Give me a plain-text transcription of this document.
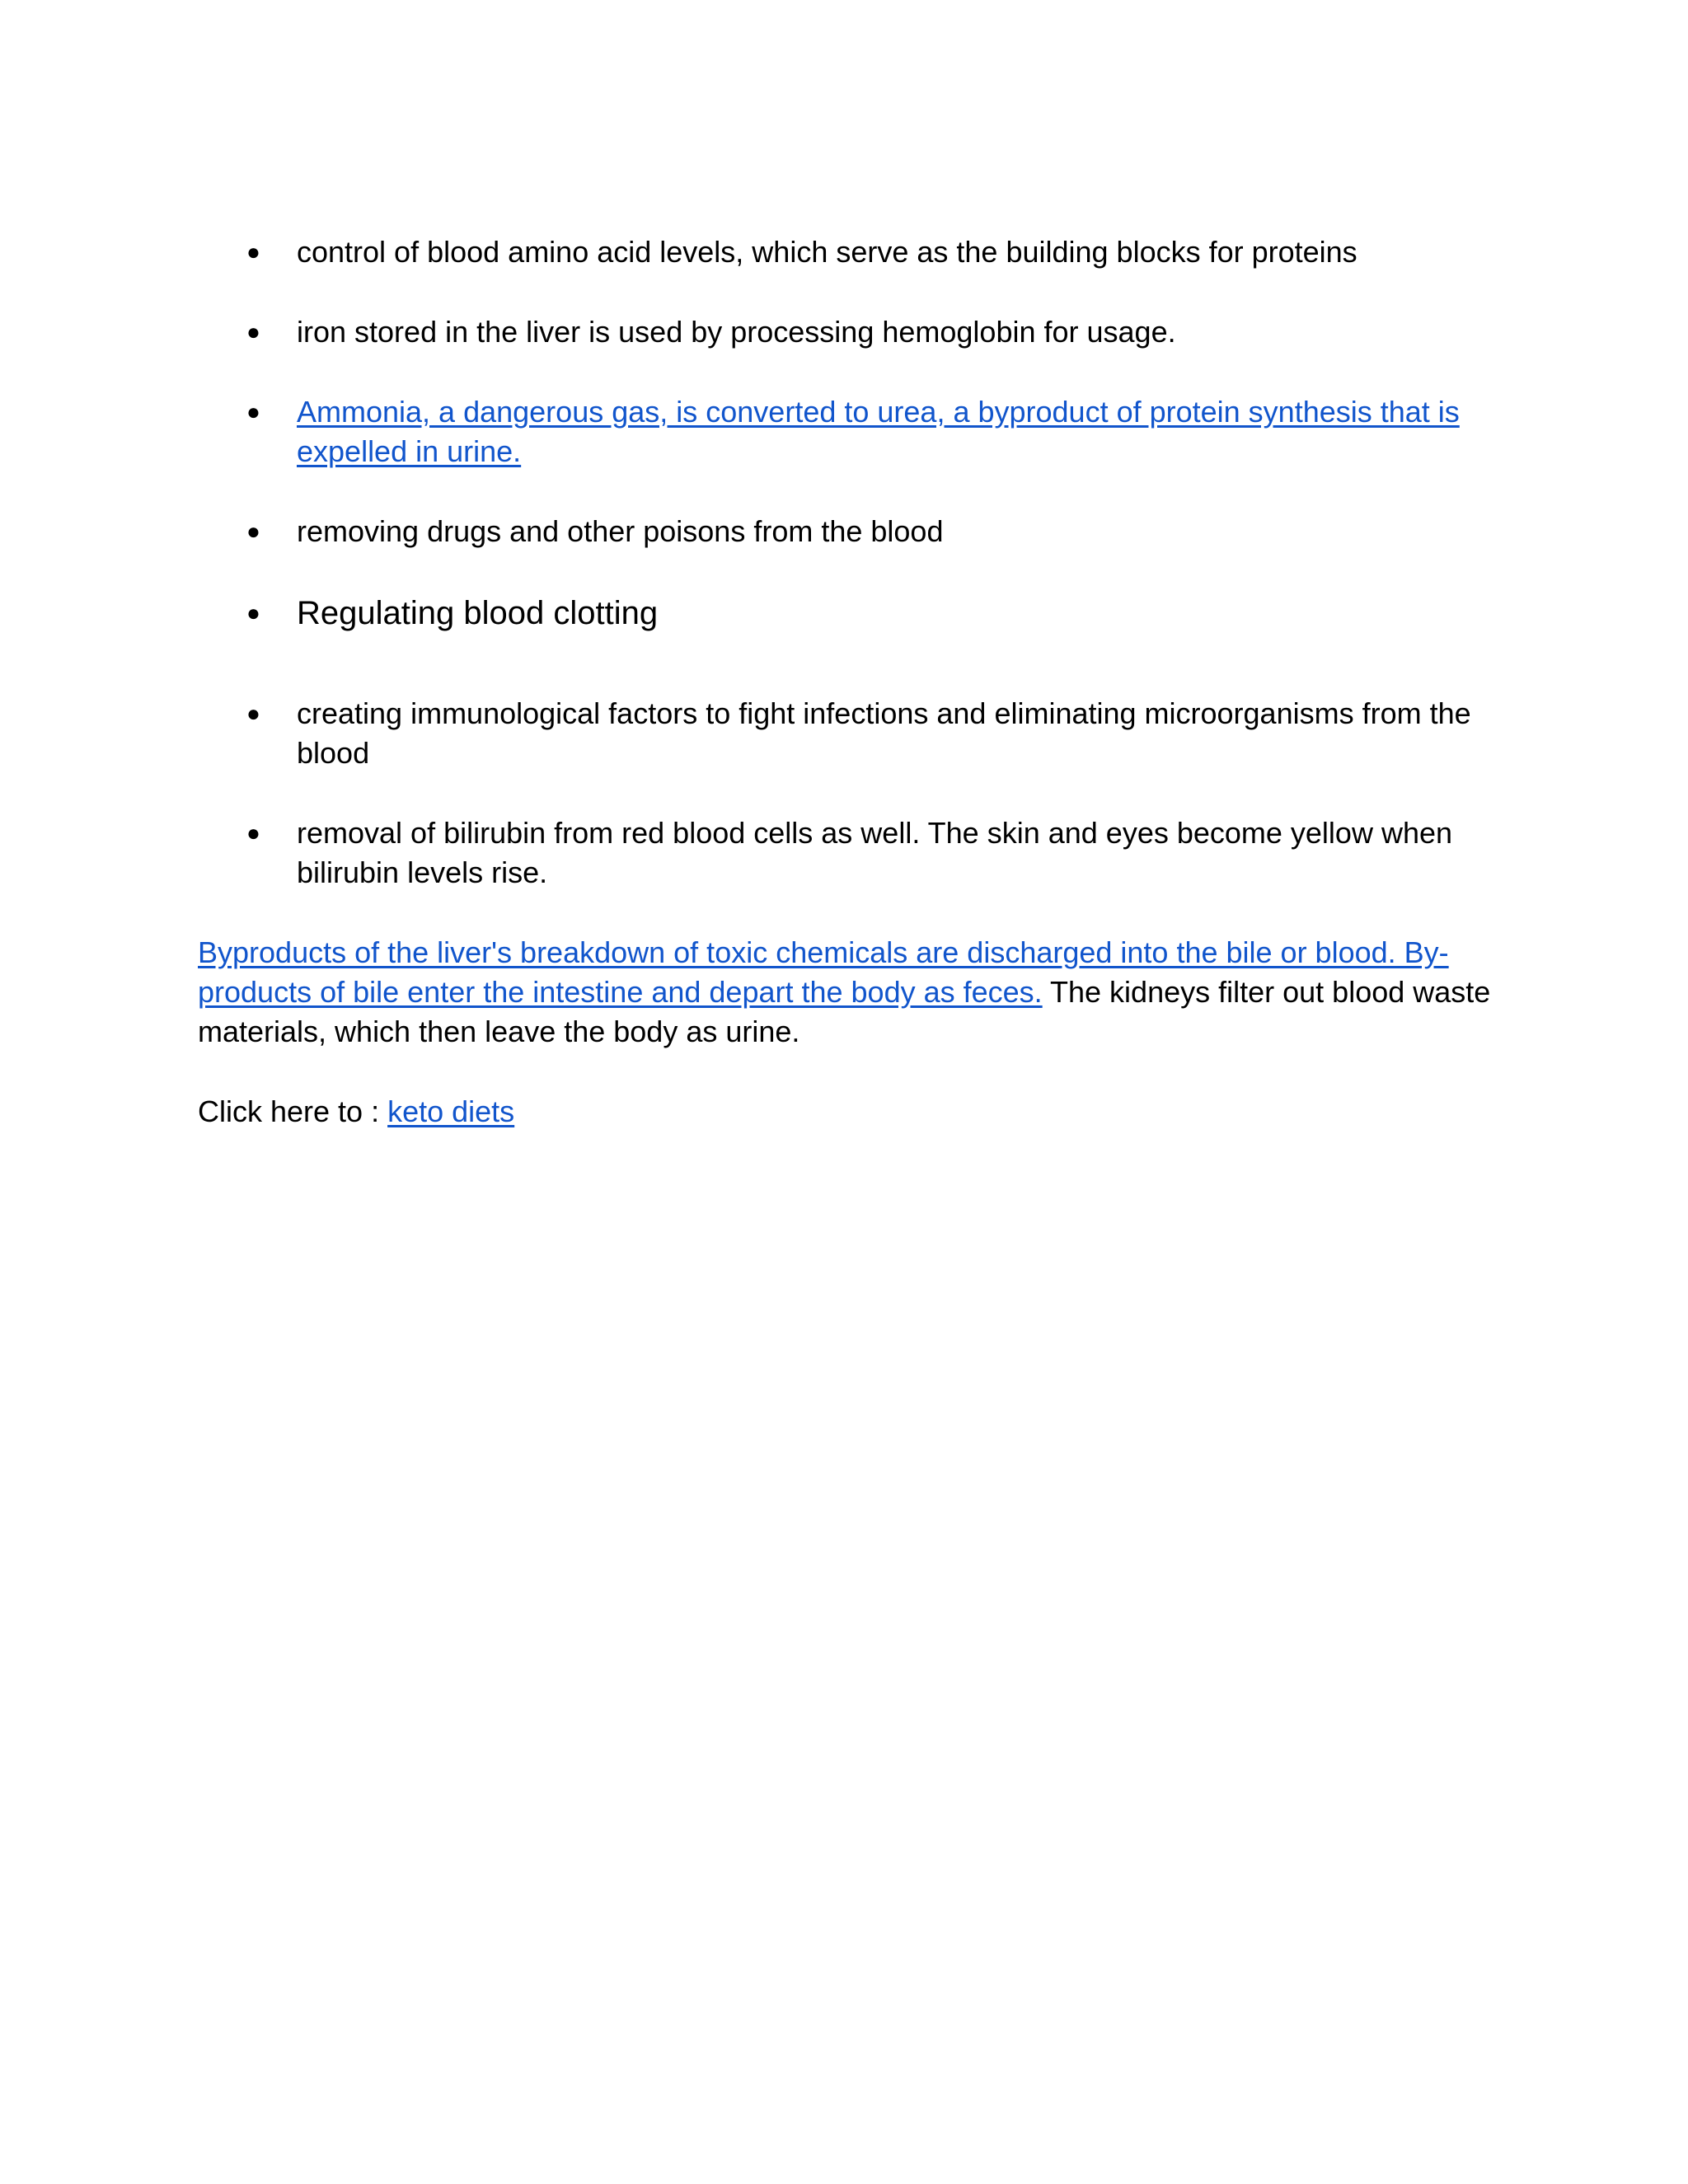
● control of blood amino acid levels, which serve as the building blocks for proteins
● iron stored in the liver is used by processing hemoglobin for usage.
● Ammonia, a dangerous gas, is converted to urea, a byproduct of protein synthesis that is expelled in urine.
● removing drugs and other poisons from the blood
● Regulating blood clotting
● creating immunological factors to fight infections and eliminating microorganisms from the blood
● removal of bilirubin from red blood cells as well. The skin and eyes become yellow when bilirubin levels rise.

Byproducts of the liver's breakdown of toxic chemicals are discharged into the bile or blood. By-products of bile enter the intestine and depart the body as feces. The kidneys filter out blood waste materials, which then leave the body as urine.

Click here to : keto diets
